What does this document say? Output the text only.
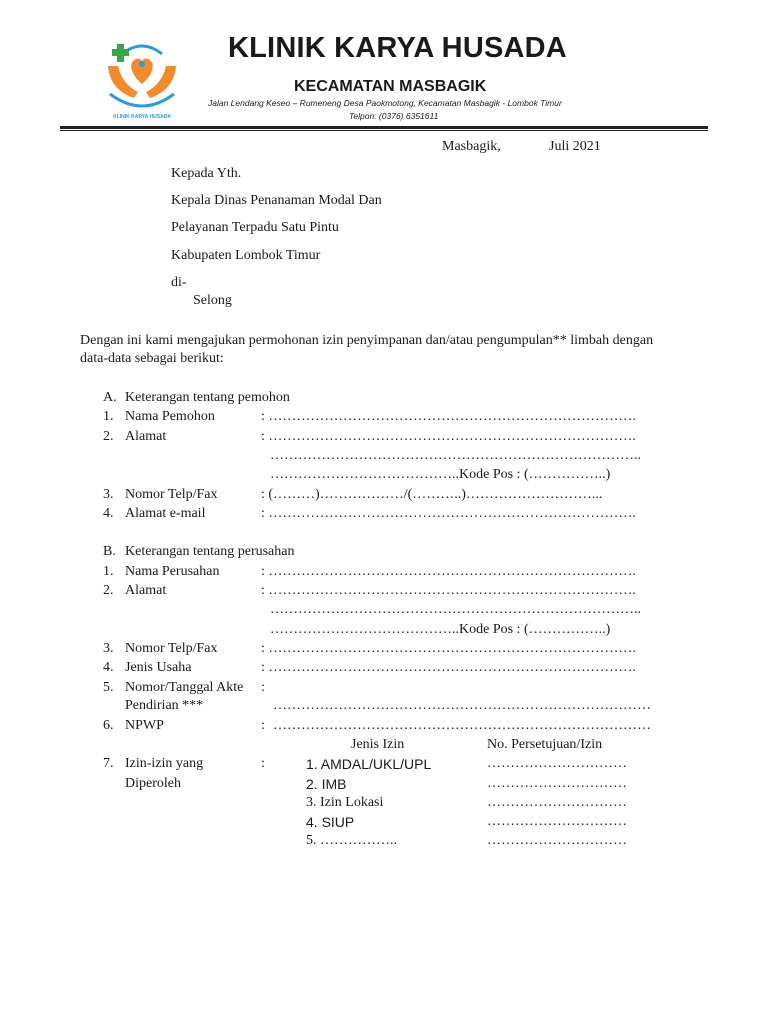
KLINIK KARYA HUSADA
KLINIK KARYA HUSADA
KECAMATAN MASBAGIK
Jalan Lendang Keseo – Rumeneng Desa Paokmotong, Kecamatan Masbagik - Lombok Timur
Telpon: (0376) 6351611
Masbagik,	Juli 2021
Kepada Yth.
Kepala Dinas Penanaman Modal Dan
Pelayanan Terpadu Satu Pintu
Kabupaten Lombok Timur
di-
Selong
Dengan ini kami mengajukan permohonan izin penyimpanan dan/atau pengumpulan** limbah dengan
data-data sebagai berikut:
A. Keterangan tentang pemohon
1. Nama Pemohon	: …………………………………………………………………….
2. Alamat	: …………………………………………………………………….
……………………………………………………………………..
…………………………………..Kode Pos : (……………..)
3. Nomor Telp/Fax	: (………)………………/(………..)………………………...
4. Alamat e-mail	: …………………………………………………………………….
B. Keterangan tentang perusahan
1. Nama Perusahan	: …………………………………………………………………….
2. Alamat	: …………………………………………………………………….
……………………………………………………………………..
…………………………………..Kode Pos : (……………..)
3. Nomor Telp/Fax	: …………………………………………………………………….
4. Jenis Usaha	: …………………………………………………………………….
5. Nomor/Tanggal Akte :
Pendirian ***	………………………………………………………………………
6. NPWP	: ………………………………………………………………………
Jenis Izin	No. Persetujuan/Izin
7. Izin-izin yang
Diperoleh
:	1. AMDAL/UKL/UPL	…………………………
2. IMB	…………………………
3. Izin Lokasi	…………………………
4. SIUP	…………………………
5. ……………..	…………………………
